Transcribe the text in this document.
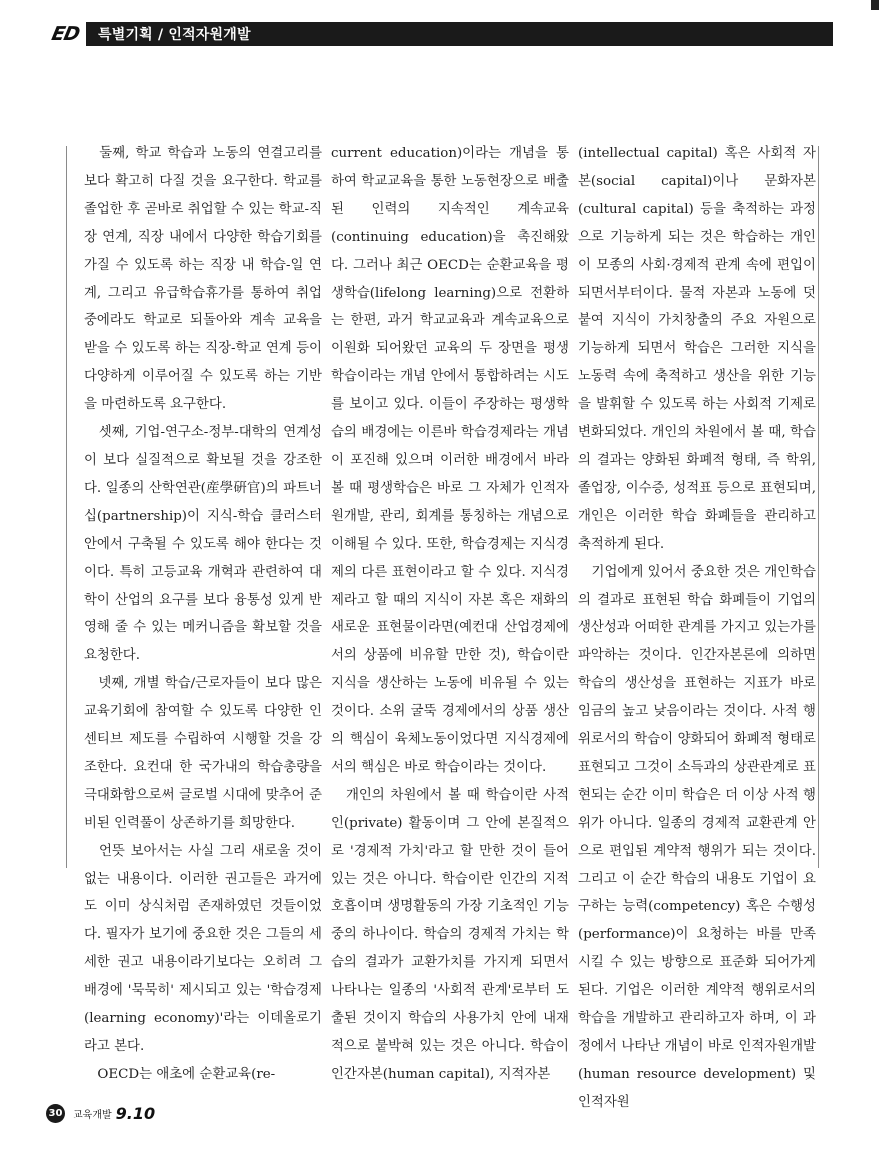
ED	특별기획 / 인적자원개발

　둘째, 학교 학습과 노동의 연결고리를 보다 확고히 다질 것을 요구한다. 학교를 졸업한 후 곧바로 취업할 수 있는 학교-직장 연계, 직장 내에서 다양한 학습기회를 가질 수 있도록 하는 직장 내 학습-일 연계, 그리고 유급학습휴가를 통하여 취업 중에라도 학교로 되돌아와 계속 교육을 받을 수 있도록 하는 직장-학교 연계 등이 다양하게 이루어질 수 있도록 하는 기반을 마련하도록 요구한다.

　셋째, 기업-연구소-정부-대학의 연계성이 보다 실질적으로 확보될 것을 강조한다. 일종의 산학연관(産學硏官)의 파트너십(partnership)이 지식-학습 클러스터 안에서 구축될 수 있도록 해야 한다는 것이다. 특히 고등교육 개혁과 관련하여 대학이 산업의 요구를 보다 융통성 있게 반영해 줄 수 있는 메커니즘을 확보할 것을 요청한다.

　넷째, 개별 학습/근로자들이 보다 많은 교육기회에 참여할 수 있도록 다양한 인센티브 제도를 수립하여 시행할 것을 강조한다. 요컨대 한 국가내의 학습총량을 극대화함으로써 글로벌 시대에 맞추어 준비된 인력풀이 상존하기를 희망한다.

　언뜻 보아서는 사실 그리 새로울 것이 없는 내용이다. 이러한 권고들은 과거에도 이미 상식처럼 존재하였던 것들이었다. 필자가 보기에 중요한 것은 그들의 세세한 권고 내용이라기보다는 오히려 그 배경에 '묵묵히' 제시되고 있는 '학습경제(learning economy)'라는 이데올로기라고 본다.

　OECD는 애초에 순환교육(re-

current education)이라는 개념을 통하여 학교교육을 통한 노동현장으로 배출된 인력의 지속적인 계속교육(continuing education)을 촉진해왔다. 그러나 최근 OECD는 순환교육을 평생학습(lifelong learning)으로 전환하는 한편, 과거 학교교육과 계속교육으로 이원화 되어왔던 교육의 두 장면을 평생학습이라는 개념 안에서 통합하려는 시도를 보이고 있다. 이들이 주장하는 평생학습의 배경에는 이른바 학습경제라는 개념이 포진해 있으며 이러한 배경에서 바라볼 때 평생학습은 바로 그 자체가 인적자원개발, 관리, 회계를 통칭하는 개념으로 이해될 수 있다. 또한, 학습경제는 지식경제의 다른 표현이라고 할 수 있다. 지식경제라고 할 때의 지식이 자본 혹은 재화의 새로운 표현물이라면(예컨대 산업경제에서의 상품에 비유할 만한 것), 학습이란 지식을 생산하는 노동에 비유될 수 있는 것이다. 소위 굴뚝 경제에서의 상품 생산의 핵심이 육체노동이었다면 지식경제에서의 핵심은 바로 학습이라는 것이다.

　개인의 차원에서 볼 때 학습이란 사적인(private) 활동이며 그 안에 본질적으로 '경제적 가치'라고 할 만한 것이 들어 있는 것은 아니다. 학습이란 인간의 지적 호흡이며 생명활동의 가장 기초적인 기능 중의 하나이다. 학습의 경제적 가치는 학습의 결과가 교환가치를 가지게 되면서 나타나는 일종의 '사회적 관계'로부터 도출된 것이지 학습의 사용가치 안에 내재적으로 붙박혀 있는 것은 아니다. 학습이 인간자본(human capital), 지적자본

(intellectual capital) 혹은 사회적 자본(social capital)이나 문화자본(cultural capital) 등을 축적하는 과정으로 기능하게 되는 것은 학습하는 개인이 모종의 사회·경제적 관계 속에 편입이 되면서부터이다. 물적 자본과 노동에 덧붙여 지식이 가치창출의 주요 자원으로 기능하게 되면서 학습은 그러한 지식을 노동력 속에 축적하고 생산을 위한 기능을 발휘할 수 있도록 하는 사회적 기제로 변화되었다. 개인의 차원에서 볼 때, 학습의 결과는 양화된 화폐적 형태, 즉 학위, 졸업장, 이수증, 성적표 등으로 표현되며, 개인은 이러한 학습 화폐들을 관리하고 축적하게 된다.

　기업에게 있어서 중요한 것은 개인학습의 결과로 표현된 학습 화폐들이 기업의 생산성과 어떠한 관계를 가지고 있는가를 파악하는 것이다. 인간자본론에 의하면 학습의 생산성을 표현하는 지표가 바로 임금의 높고 낮음이라는 것이다. 사적 행위로서의 학습이 양화되어 화폐적 형태로 표현되고 그것이 소득과의 상관관계로 표현되는 순간 이미 학습은 더 이상 사적 행위가 아니다. 일종의 경제적 교환관계 안으로 편입된 계약적 행위가 되는 것이다. 그리고 이 순간 학습의 내용도 기업이 요구하는 능력(competency) 혹은 수행성(performance)이 요청하는 바를 만족시킬 수 있는 방향으로 표준화 되어가게 된다. 기업은 이러한 계약적 행위로서의 학습을 개발하고 관리하고자 하며, 이 과정에서 나타난 개념이 바로 인적자원개발(human resource development) 및 인적자원

30 교육개발 9.10
